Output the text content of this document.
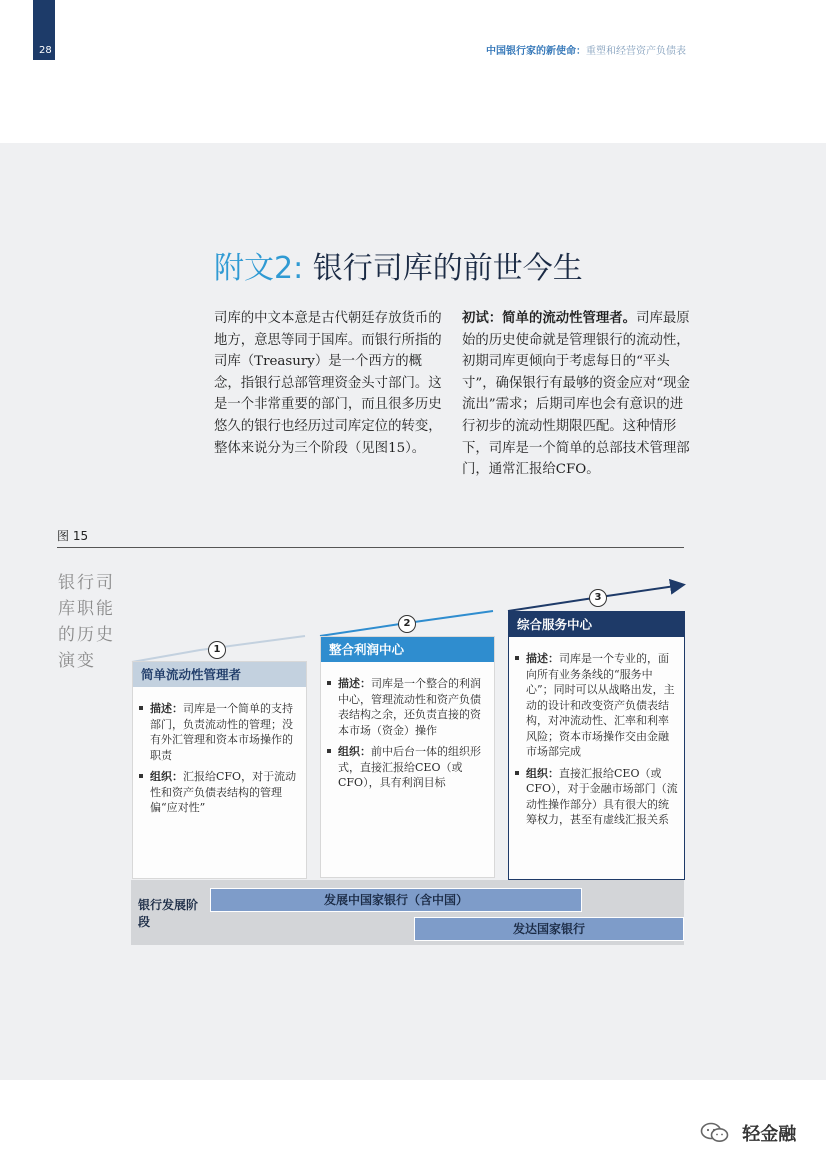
28	中国银行家的新使命：重塑和经营资产负债表
附文2: 银行司库的前世今生

司库的中文本意是古代朝廷存放货币的地方，意思等同于国库。而银行所指的司库（Treasury）是一个西方的概念，指银行总部管理资金头寸部门。这是一个非常重要的部门，而且很多历史悠久的银行也经历过司库定位的转变，整体来说分为三个阶段（见图15）。

初试：简单的流动性管理者。司库最原始的历史使命就是管理银行的流动性，初期司库更倾向于考虑每日的“平头寸”，确保银行有最够的资金应对“现金流出”需求；后期司库也会有意识的进行初步的流动性期限匹配。这种情形下，司库是一个简单的总部技术管理部门，通常汇报给CFO。

图 15
银行司库职能的历史演变
1
2
3
简单流动性管理者
描述：司库是一个简单的支持部门，负责流动性的管理；没有外汇管理和资本市场操作的职责
组织：汇报给CFO，对于流动性和资产负债表结构的管理偏“应对性”
整合利润中心
描述：司库是一个整合的利润中心，管理流动性和资产负债表结构之余，还负责直接的资本市场（资金）操作
组织：前中后台一体的组织形式，直接汇报给CEO（或CFO），具有利润目标
综合服务中心
描述：司库是一个专业的，面向所有业务条线的“服务中心”；同时可以从战略出发，主动的设计和改变资产负债表结构，对冲流动性、汇率和利率风险；资本市场操作交由金融市场部完成
组织：直接汇报给CEO（或CFO），对于金融市场部门（流动性操作部分）具有很大的统筹权力，甚至有虚线汇报关系
银行发展阶段
发展中国家银行（含中国）
发达国家银行
轻金融
